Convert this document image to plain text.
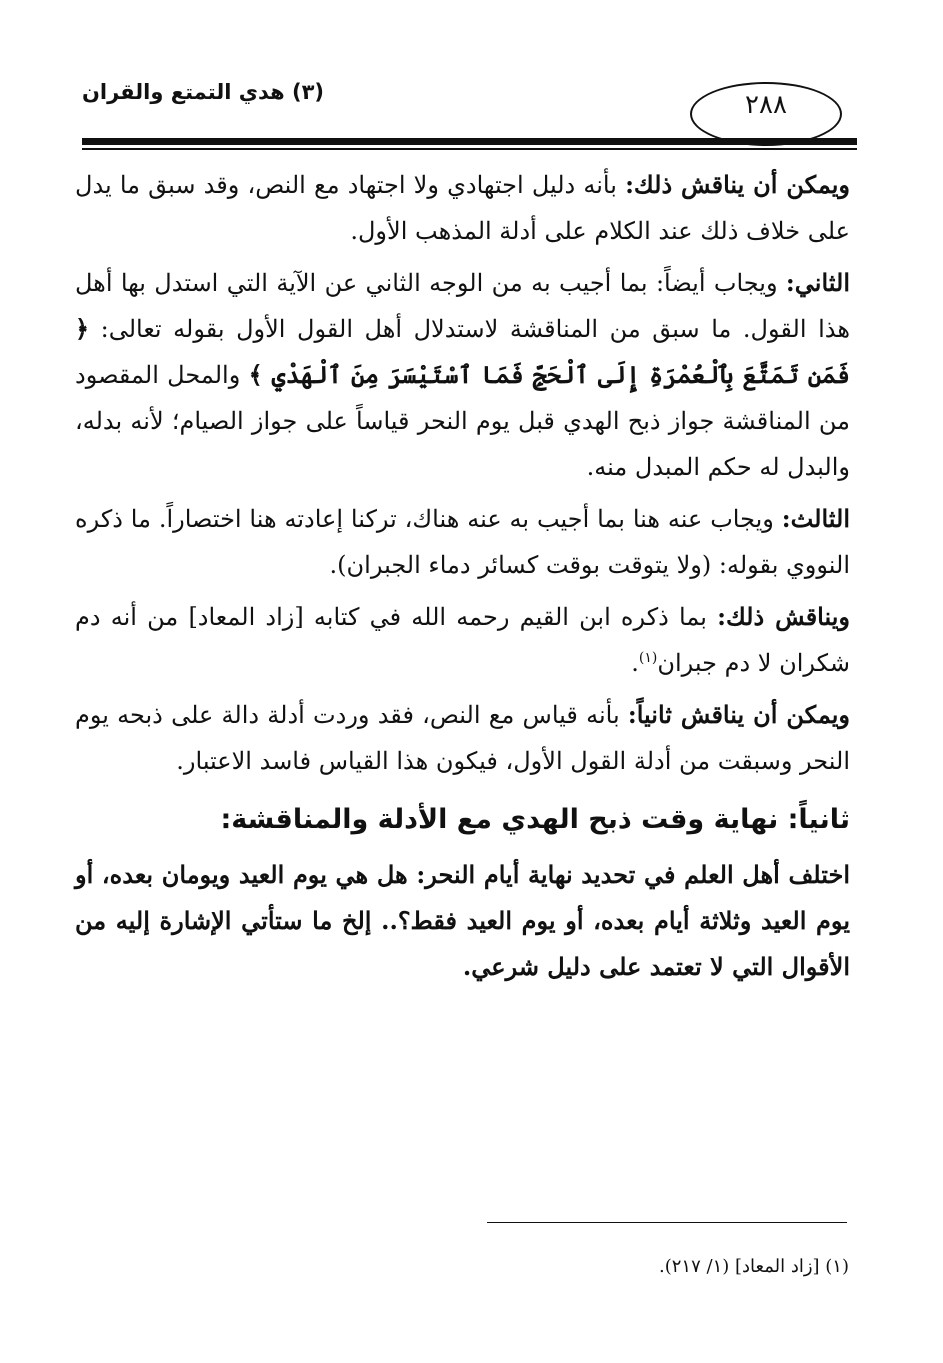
(٣) هدي التمتع والقران	٢٨٨

ويمكن أن يناقش ذلك: بأنه دليل اجتهادي ولا اجتهاد مع النص، وقد سبق ما يدل على خلاف ذلك عند الكلام على أدلة المذهب الأول.

الثاني: ويجاب أيضاً: بما أجيب به من الوجه الثاني عن الآية التي استدل بها أهل هذا القول. ما سبق من المناقشة لاستدلال أهل القول الأول بقوله تعالى: ﴿ فَمَن تَمَتَّعَ بِٱلْعُمْرَةِ إِلَى ٱلْحَجِّ فَمَا ٱسْتَيْسَرَ مِنَ ٱلْهَدْيِ ﴾ والمحل المقصود من المناقشة جواز ذبح الهدي قبل يوم النحر قياساً على جواز الصيام؛ لأنه بدله، والبدل له حكم المبدل منه.

الثالث: ويجاب عنه هنا بما أجيب به عنه هناك، تركنا إعادته هنا اختصاراً. ما ذكره النووي بقوله: (ولا يتوقت بوقت كسائر دماء الجبران).

ويناقش ذلك: بما ذكره ابن القيم رحمه الله في كتابه [زاد المعاد] من أنه دم شكران لا دم جبران$^{(١)}$.

ويمكن أن يناقش ثانياً: بأنه قياس مع النص، فقد وردت أدلة دالة على ذبحه يوم النحر وسبقت من أدلة القول الأول، فيكون هذا القياس فاسد الاعتبار.

ثانياً: نهاية وقت ذبح الهدي مع الأدلة والمناقشة:

اختلف أهل العلم في تحديد نهاية أيام النحر: هل هي يوم العيد ويومان بعده، أو يوم العيد وثلاثة أيام بعده، أو يوم العيد فقط؟.. إلخ ما ستأتي الإشارة إليه من الأقوال التي لا تعتمد على دليل شرعي.

(١) [زاد المعاد] (١/ ٢١٧).
